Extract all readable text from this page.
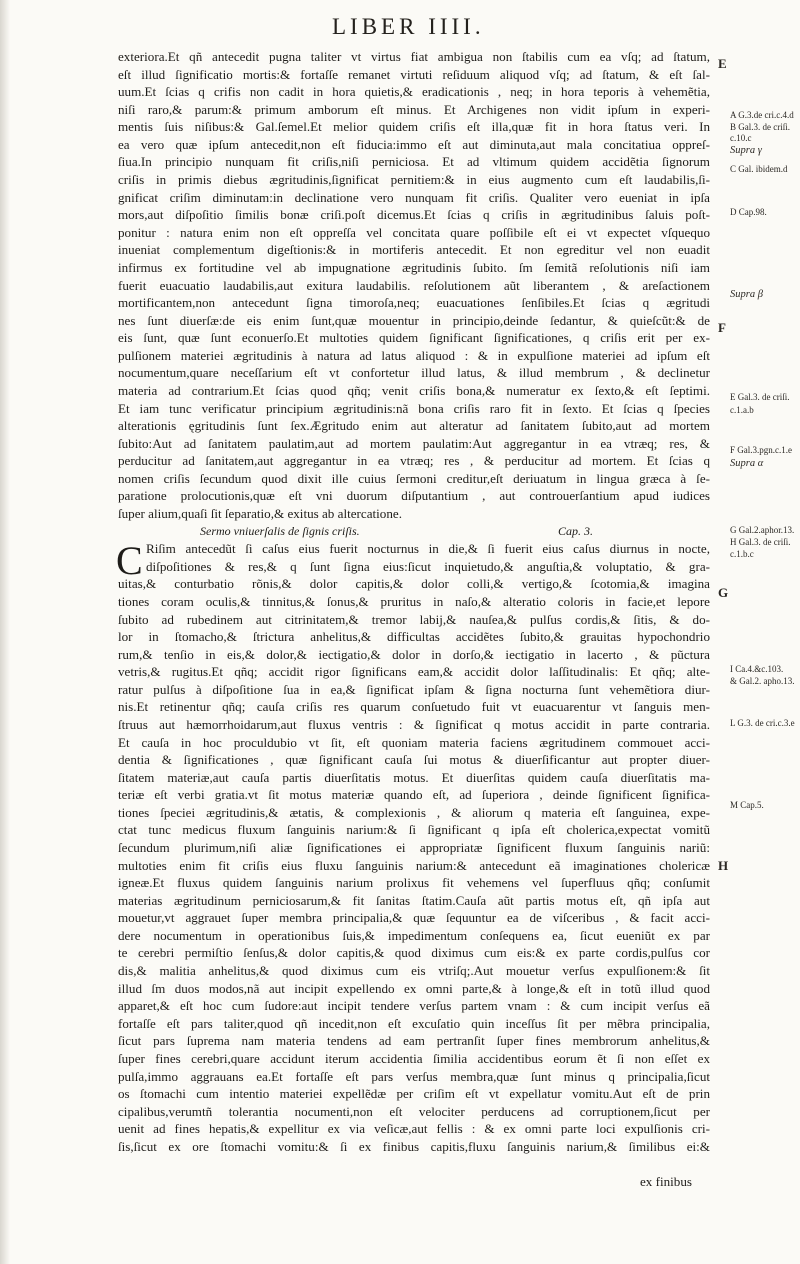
LIBER IIII.
exteriora.Et qñ antecedit pugna taliter vt virtus fiat ambigua non ſtabilis cum ea vſq; ad ſtatum,
eſt illud ſignificatio mortis:& fortaſſe remanet virtuti reſiduum aliquod vſq; ad ſtatum, & eſt ſal-
uum.Et ſcias q crifis non cadit in hora quietis,& eradicationis , neq; in hora teporis à vehemẽtia,
niſi raro,& parum:& primum amborum eſt minus. Et Archigenes non vidit ipſum in experi-
mentis ſuis niſibus:& Gal.ſemel.Et melior quidem criſis eſt illa,quæ fit in hora ſtatus veri. In
ea vero quæ ipſum antecedit,non eſt fiducia:immo eſt aut diminuta,aut mala concitatiua oppreſ-
ſiua.In principio nunquam fit criſis,niſi perniciosa. Et ad vltimum quidem accidẽtia ſignorum
criſis in primis diebus ægritudinis,ſignificat pernitiem:& in eius augmento cum eſt laudabilis,ſi-
gnificat criſim diminutam:in declinatione vero nunquam fit criſis. Qualiter vero eueniat in ipſa
mors,aut diſpoſitio ſimilis bonæ criſi.poſt dicemus.Et ſcias q criſis in ægritudinibus ſaluis poſt-
ponitur : natura enim non eſt oppreſſa vel concitata quare poſſibile eſt ei vt expectet vſquequo
inueniat complementum digeſtionis:& in mortiferis antecedit. Et non egreditur vel non euadit
infirmus ex fortitudine vel ab impugnatione ægritudinis ſubito. ſm ſemitã reſolutionis niſi iam
fuerit euacuatio laudabilis,aut exitura laudabilis. reſolutionem aũt liberantem , & areſactionem
mortificantem,non antecedunt ſigna timoroſa,neq; euacuationes ſenſibiles.Et ſcias q ægritudi
nes ſunt diuerſæ:de eis enim ſunt,quæ mouentur in principio,deinde ſedantur, & quieſcũt:& de
eis ſunt, quæ ſunt econuerſo.Et multoties quidem ſignificant ſignificationes, q criſis erit per ex-
pulſionem materiei ægritudinis à natura ad latus aliquod : & in expulſione materiei ad ipſum eſt
nocumentum,quare neceſſarium eſt vt confortetur illud latus, & illud membrum , & declinetur
materia ad contrarium.Et ſcias quod qñq; venit criſis bona,& numeratur ex ſexto,& eſt ſeptimi.
Et iam tunc verificatur principium ægritudinis:nã bona criſis raro fit in ſexto. Et ſcias q ſpecies
alterationis ęgritudinis ſunt ſex.Ægritudo enim aut alteratur ad ſanitatem ſubito,aut ad mortem
ſubito:Aut ad ſanitatem paulatim,aut ad mortem paulatim:Aut aggregantur in ea vtræq; res, &
perducitur ad ſanitatem,aut aggregantur in ea vtræq; res , & perducitur ad mortem. Et ſcias q
nomen criſis ſecundum quod dixit ille cuius ſermoni creditur,eſt deriuatum in lingua græca à ſe-
paratione prolocutionis,quæ eſt vni duorum diſputantium , aut controuerſantium apud iudices
ſuper alium,quaſi ſit ſeparatio,& exitus ab altercatione.
Sermo vniuerſalis de ſignis criſis.	Cap. 3.
C Riſim antecedũt ſi caſus eius fuerit nocturnus in die,& ſi fuerit eius caſus diurnus in nocte,
diſpoſitiones & res,& q ſunt ſigna eius:ſicut inquietudo,& anguſtia,& voluptatio, & gra-
uitas,& conturbatio rõnis,& dolor capitis,& dolor colli,& vertigo,& ſcotomia,& imagina
tiones coram oculis,& tinnitus,& ſonus,& pruritus in naſo,& alteratio coloris in facie,et lepore
ſubito ad rubedinem aut citrinitatem,& tremor labij,& nauſea,& pulſus cordis,& ſitis, & do-
lor in ſtomacho,& ſtrictura anhelitus,& difficultas accidẽtes ſubito,& grauitas hypochondrio
rum,& tenſio in eis,& dolor,& iectigatio,& dolor in dorſo,& iectigatio in lacerto , & pũctura
vetris,& rugitus.Et qñq; accidit rigor ſignificans eam,& accidit dolor laſſitudinalis: Et qñq; alte-
ratur pulſus à diſpoſitione ſua in ea,& ſignificat ipſam & ſigna nocturna ſunt vehemẽtiora diur-
nis.Et retinentur qñq; cauſa criſis res quarum conſuetudo fuit vt euacuarentur vt ſanguis men-
ſtruus aut hæmorrhoidarum,aut fluxus ventris : & ſignificat q motus accidit in parte contraria.
Et cauſa in hoc proculdubio vt ſit, eſt quoniam materia faciens ægritudinem commouet acci-
dentia & ſignificationes , quæ ſignificant cauſa ſui motus & diuerſificantur aut propter diuer-
ſitatem materiæ,aut cauſa partis diuerſitatis motus. Et diuerſitas quidem cauſa diuerſitatis ma-
teriæ eſt verbi gratia.vt ſit motus materiæ quando eſt, ad ſuperiora , deinde ſignificent ſignifica-
tiones ſpeciei ægritudinis,& ætatis, & complexionis , & aliorum q materia eſt ſanguinea, expe-
ctat tunc medicus fluxum ſanguinis narium:& ſi ſignificant q ipſa eſt cholerica,expectat vomitũ
ſecundum plurimum,niſi aliæ ſignificationes ei appropriatæ ſignificent fluxum ſanguinis nariũ:
multoties enim fit criſis eius fluxu ſanguinis narium:& antecedunt eã imaginationes cholericæ
igneæ.Et fluxus quidem ſanguinis narium prolixus fit vehemens vel ſuperfluus qñq; conſumit
materias ægritudinum perniciosarum,& fit ſanitas ſtatim.Cauſa aũt partis motus eſt, qñ ipſa aut
mouetur,vt aggrauet ſuper membra principalia,& quæ ſequuntur ea de viſceribus , & facit acci-
dere nocumentum in operationibus ſuis,& impedimentum conſequens ea, ſicut eueniũt ex par
te cerebri permiſtio ſenſus,& dolor capitis,& quod diximus cum eis:& ex parte cordis,pulſus cor
dis,& malitia anhelitus,& quod diximus cum eis vtriſq;.Aut mouetur verſus expulſionem:& ſit
illud ſm duos modos,nã aut incipit expellendo ex omni parte,& à longe,& eſt in totũ illud quod
apparet,& eſt hoc cum ſudore:aut incipit tendere verſus partem vnam : & cum incipit verſus eã
fortaſſe eſt pars taliter,quod qñ incedit,non eſt excuſatio quin inceſſus ſit per mẽbra principalia,
ſicut pars ſuprema nam materia tendens ad eam pertranſit ſuper fines membrorum anhelitus,&
ſuper fines cerebri,quare accidunt iterum accidentia ſimilia accidentibus eorum ẽt ſi non eſſet ex
pulſa,immo aggrauans ea.Et fortaſſe eſt pars verſus membra,quæ ſunt minus q principalia,ſicut
os ſtomachi cum intentio materiei expellẽdæ per criſim eſt vt expellatur vomitu.Aut eſt de prin
cipalibus,verumtñ tolerantia nocumenti,non eſt velociter perducens ad corruptionem,ſicut per
uenit ad fines hepatis,& expellitur ex via veſicæ,aut fellis : & ex omni parte loci expulſionis cri-
ſis,ſicut ex ore ſtomachi vomitu:& ſi ex finibus capitis,fluxu ſanguinis narium,& ſimilibus ei:&
ex finibus
E
F
G
H
A G.3.de cri.c.4.d
B Gal.3. de criſi.
c.10.c
Supra γ
C Gal. ibidem.d
D Cap.98.
Supra β
E Gal.3. de criſi.
c.1.a.b
F Gal.3.pgn.c.1.e
Supra α
G Gal.2.aphor.13.
H Gal.3. de criſi.
c.1.b.c
I Ca.4.&c.103.
& Gal.2. apho.13.
L G.3. de cri.c.3.e
M Cap.5.
